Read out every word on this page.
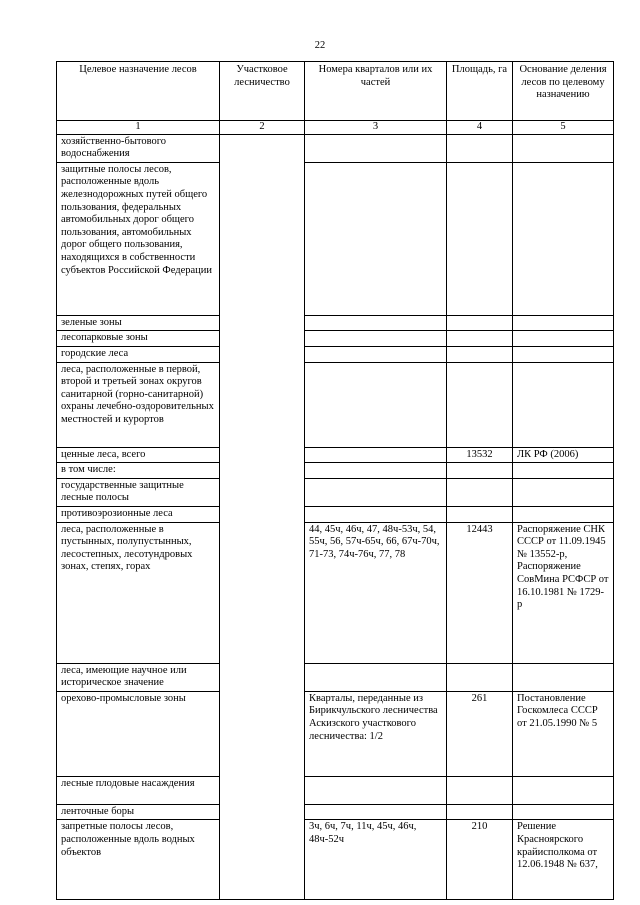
22
Целевое назначение лесов	Участковое лесничество	Номера кварталов или их частей	Площадь, га	Основание деления лесов по целевому назначению
1	2	3	4	5
хозяйственно-бытового водоснабжения				
защитные полосы лесов, расположенные вдоль железнодорожных путей общего пользования, федеральных автомобильных дорог общего пользования, автомобильных дорог общего пользования, находящихся в собственности субъектов Российской Федерации				
зеленые зоны				
лесопарковые зоны				
городские леса				
леса, расположенные в первой, второй и третьей зонах округов санитарной (горно-санитарной) охраны лечебно-оздоровительных местностей и курортов				
ценные леса, всего			13532	ЛК РФ (2006)
в том числе:				
государственные защитные лесные полосы				
противоэрозионные леса				
леса, расположенные в пустынных, полупустынных, лесостепных, лесотундровых зонах, степях, горах		44, 45ч, 46ч, 47, 48ч-53ч, 54, 55ч, 56, 57ч-65ч, 66, 67ч-70ч, 71-73, 74ч-76ч, 77, 78	12443	Распоряжение СНК СССР от 11.09.1945 № 13552-р, Распоряжение СовМина РСФСР от 16.10.1981 № 1729-р
леса, имеющие научное или историческое значение				
орехово-промысловые зоны		Кварталы, переданные из Бирикчульского лесничества Аскизского участкового лесничества: 1/2	261	Постановление Госкомлеса СССР от 21.05.1990 № 5
лесные плодовые насаждения				
ленточные боры				
запретные полосы лесов, расположенные вдоль водных объектов		3ч, 6ч, 7ч, 11ч, 45ч, 46ч, 48ч-52ч	210	Решение Красноярского крайисполкома от 12.06.1948 № 637,
